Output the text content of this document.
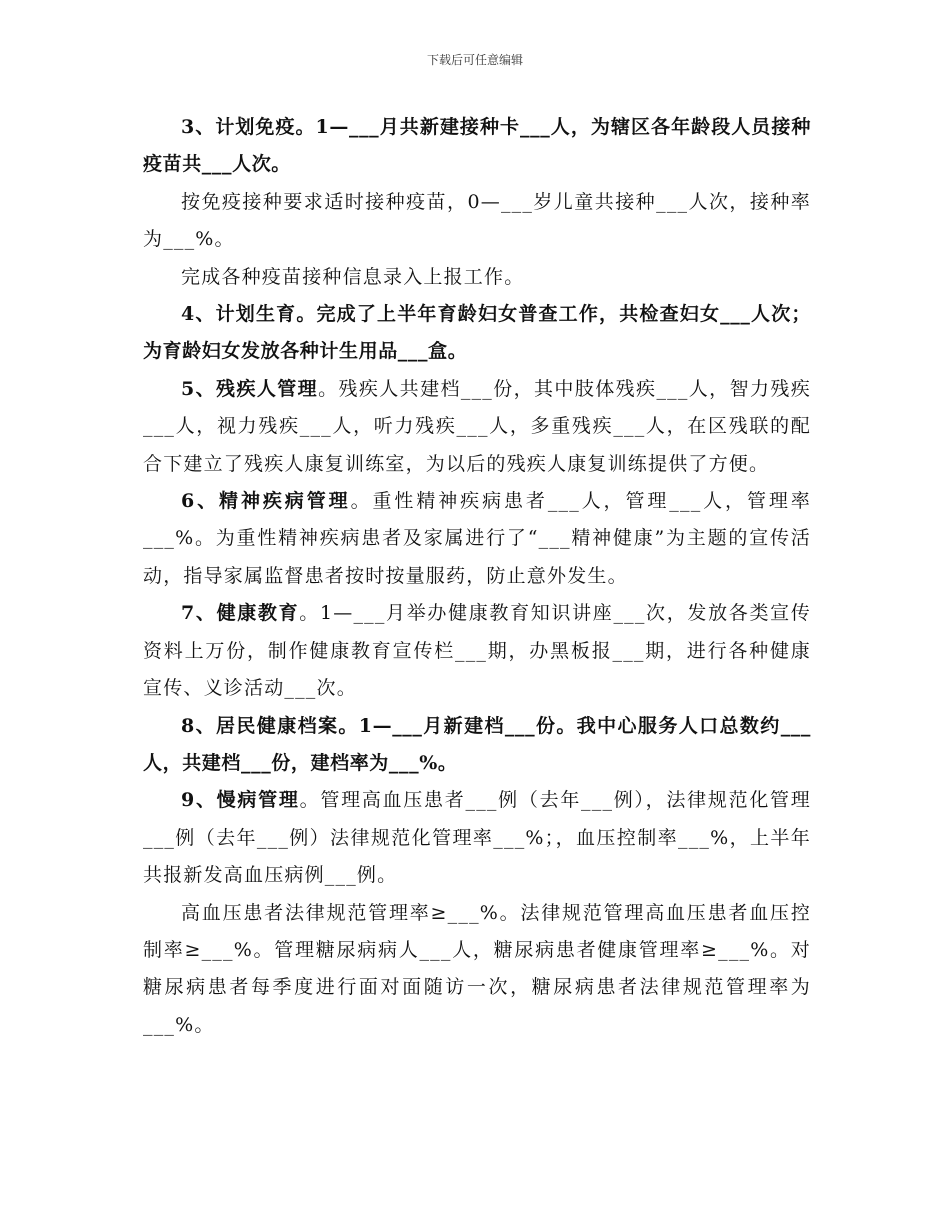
下载后可任意编辑

3、计划免疫。1—___月共新建接种卡___人，为辖区各年龄段人员接种疫苗共___人次。

按免疫接种要求适时接种疫苗，0—___岁儿童共接种___人次，接种率为___%。

完成各种疫苗接种信息录入上报工作。

4、计划生育。完成了上半年育龄妇女普查工作，共检查妇女___人次；为育龄妇女发放各种计生用品___盒。

5、残疾人管理。残疾人共建档___份，其中肢体残疾___人，智力残疾___人，视力残疾___人，听力残疾___人，多重残疾___人，在区残联的配合下建立了残疾人康复训练室，为以后的残疾人康复训练提供了方便。

6、精神疾病管理。重性精神疾病患者___人，管理___人，管理率___%。为重性精神疾病患者及家属进行了“___精神健康”为主题的宣传活动，指导家属监督患者按时按量服药，防止意外发生。

7、健康教育。1—___月举办健康教育知识讲座___次，发放各类宣传资料上万份，制作健康教育宣传栏___期，办黑板报___期，进行各种健康宣传、义诊活动___次。

8、居民健康档案。1—___月新建档___份。我中心服务人口总数约___人，共建档___份，建档率为___%。

9、慢病管理。管理高血压患者___例（去年___例），法律规范化管理___例（去年___例）法律规范化管理率___%；，血压控制率___%，上半年共报新发高血压病例___例。

高血压患者法律规范管理率≥___%。法律规范管理高血压患者血压控制率≥___%。管理糖尿病病人___人，糖尿病患者健康管理率≥___%。对糖尿病患者每季度进行面对面随访一次，糖尿病患者法律规范管理率为___%。
